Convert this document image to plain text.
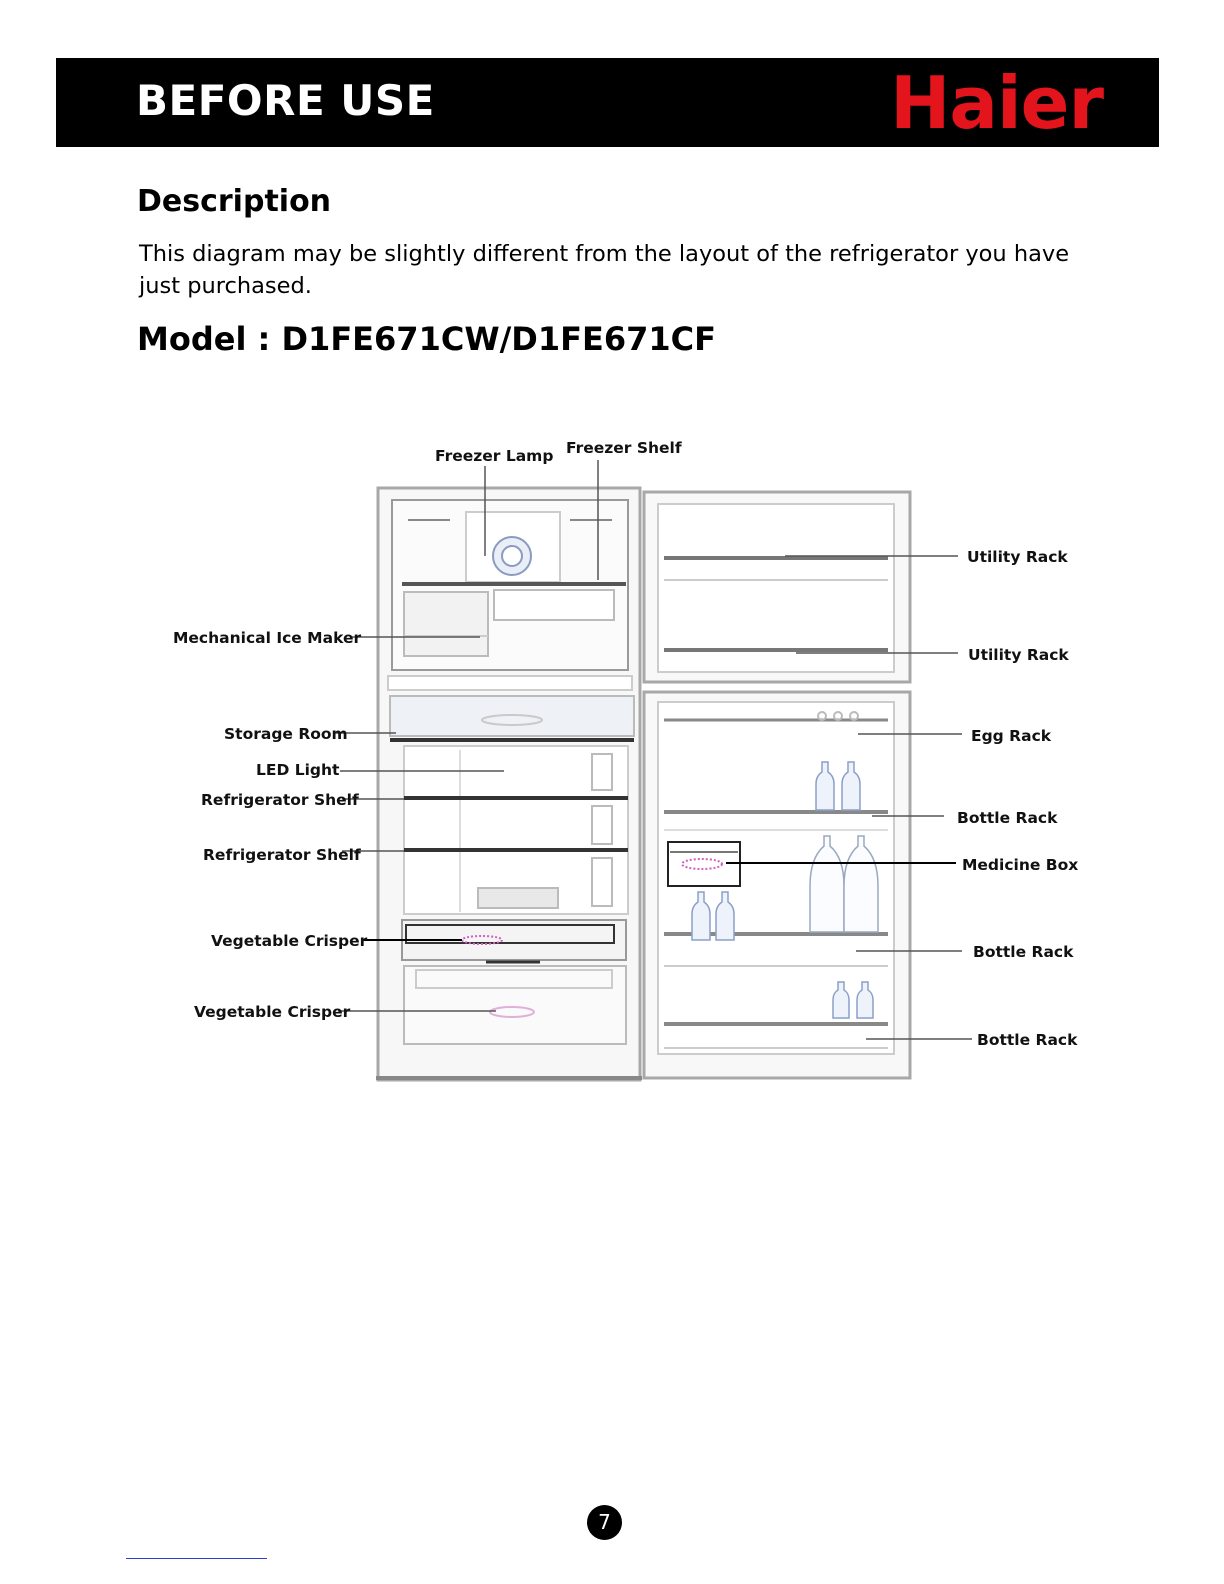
BEFORE USE	Haier
Description
This diagram may be slightly different from the layout of the refrigerator you have just purchased.
Model : D1FE671CW/D1FE671CF
Freezer Lamp Freezer Shelf
Utility Rack
Utility Rack
Mechanical Ice Maker
Storage Room
LED Light
Refrigerator Shelf
Refrigerator Shelf
Egg Rack
Bottle Rack
Medicine Box
Bottle Rack
Vegetable Crisper
Vegetable Crisper
Bottle Rack
7
